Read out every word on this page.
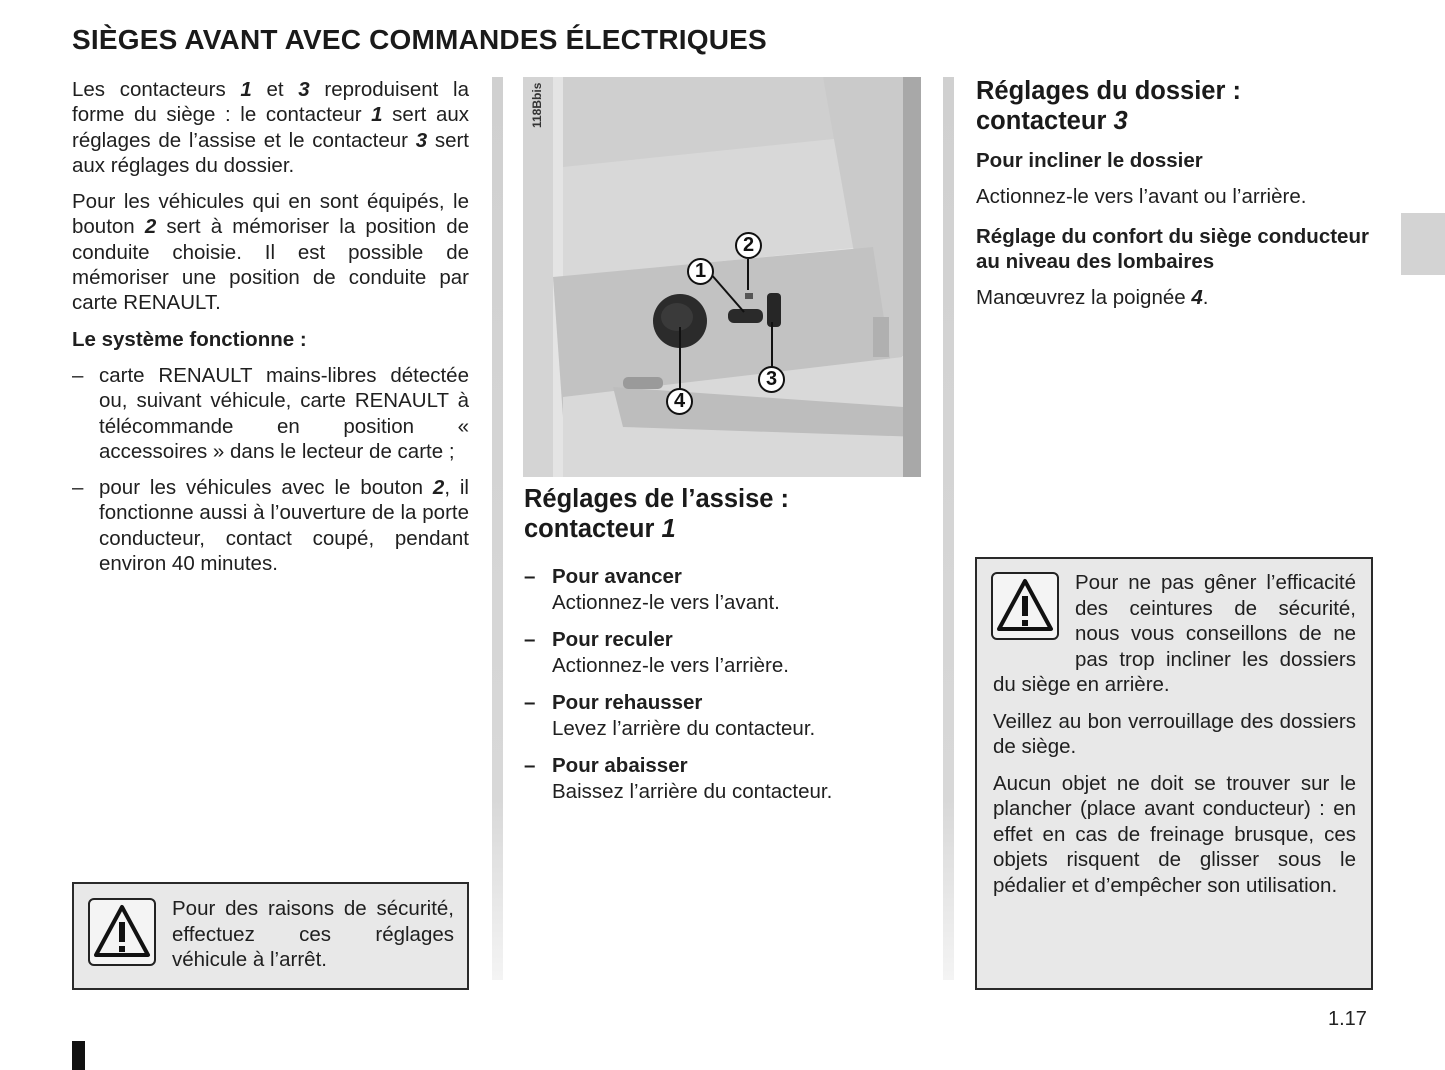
SIÈGES AVANT AVEC COMMANDES ÉLECTRIQUES

Les contacteurs 1 et 3 reproduisent la forme du siège : le contacteur 1 sert aux réglages de l’assise et le contacteur 3 sert aux réglages du dossier.

Pour les véhicules qui en sont équipés, le bouton 2 sert à mémoriser la position de conduite choisie. Il est possible de mémoriser une position de conduite par carte RENAULT.

Le système fonctionne :

– carte RENAULT mains-libres détectée ou, suivant véhicule, carte RENAULT à télécommande en position « accessoires » dans le lecteur de carte ;
– pour les véhicules avec le bouton 2, il fonctionne aussi à l’ouverture de la porte conducteur, contact coupé, pendant environ 40 minutes.
Pour des raisons de sécurité, effectuez ces réglages véhicule à l’arrêt.
118Bbis
1
2
3
4
Réglages de l’assise : contacteur 1
– Pour avancer
Actionnez-le vers l’avant.
– Pour reculer
Actionnez-le vers l’arrière.
– Pour rehausser
Levez l’arrière du contacteur.
– Pour abaisser
Baissez l’arrière du contacteur.
Réglages du dossier : contacteur 3

Pour incliner le dossier

Actionnez-le vers l’avant ou l’arrière.

Réglage du confort du siège conducteur au niveau des lombaires

Manœuvrez la poignée 4.

Pour ne pas gêner l’efficacité des ceintures de sécurité, nous vous conseillons de ne pas trop incliner les dossiers du siège en arrière.

Veillez au bon verrouillage des dossiers de siège.

Aucun objet ne doit se trouver sur le plancher (place avant conducteur) : en effet en cas de freinage brusque, ces objets risquent de glisser sous le pédalier et d’empêcher son utilisation.

1.17
